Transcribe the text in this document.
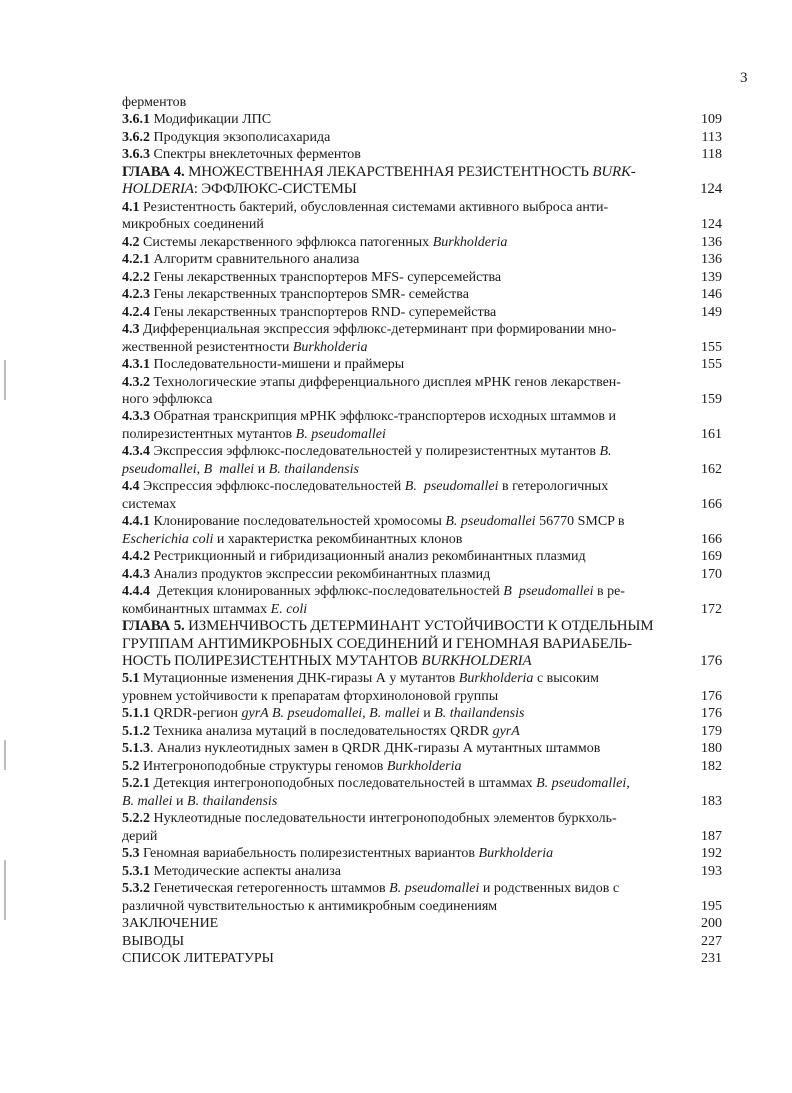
3
ферментов
3.6.1 Модификации ЛПС	109
3.6.2 Продукция экзополисахарида	113
3.6.3 Спектры внеклеточных ферментов	118
ГЛАВА 4. МНОЖЕСТВЕННАЯ ЛЕКАРСТВЕННАЯ РЕЗИСТЕНТНОСТЬ BURK-
HOLDERIA: ЭФФЛЮКС-СИСТЕМЫ	124
4.1 Резистентность бактерий, обусловленная системами активного выброса анти-
микробных соединений	124
4.2 Системы лекарственного эффлюкса патогенных Burkholderia	136
4.2.1 Алгоритм сравнительного анализа	136
4.2.2 Гены лекарственных транспортеров MFS- суперсемейства	139
4.2.3 Гены лекарственных транспортеров SMR- семейства	146
4.2.4 Гены лекарственных транспортеров RND- суперемейства	149
4.3 Дифференциальная экспрессия эффлюкс-детерминант при формировании мно-
жественной резистентности Burkholderia	155
4.3.1 Последовательности-мишени и праймеры	155
4.3.2 Технологические этапы дифференциального дисплея мРНК генов лекарствен-
ного эффлюкса	159
4.3.3 Обратная транскрипция мРНК эффлюкс-транспортеров исходных штаммов и
полирезистентных мутантов B. pseudomallei	161
4.3.4 Экспрессия эффлюкс-последовательностей у полирезистентных мутантов B.
pseudomallei, B  mallei и B. thailandensis	162
4.4 Экспрессия эффлюкс-последовательностей B.  pseudomallei в гетерологичных
системах	166
4.4.1 Клонирование последовательностей хромосомы B. pseudomallei 56770 SMCP в
Escherichia coli и характеристка рекомбинантных клонов	166
4.4.2 Рестрикционный и гибридизационный анализ рекомбинантных плазмид	169
4.4.3 Анализ продуктов экспрессии рекомбинантных плазмид	170
4.4.4  Детекция клонированных эффлюкс-последовательностей B  pseudomallei в ре-
комбинантных штаммах E. coli	172
ГЛАВА 5. ИЗМЕНЧИВОСТЬ ДЕТЕРМИНАНТ УСТОЙЧИВОСТИ К ОТДЕЛЬНЫМ
ГРУППАМ АНТИМИКРОБНЫХ СОЕДИНЕНИЙ И ГЕНОМНАЯ ВАРИАБЕЛЬ-
НОСТЬ ПОЛИРЕЗИСТЕНТНЫХ МУТАНТОВ BURKHOLDERIA	176
5.1 Мутационные изменения ДНК-гиразы А у мутантов Burkholderia с высоким
уровнем устойчивости к препаратам фторхинолоновой группы	176
5.1.1 QRDR-регион gyrA B. pseudomallei, B. mallei и B. thailandensis	176
5.1.2 Техника анализа мутаций в последовательностях QRDR gyrA	179
5.1.3. Анализ нуклеотидных замен в QRDR ДНК-гиразы А мутантных штаммов	180
5.2 Интегроноподобные структуры геномов Burkholderia	182
5.2.1 Детекция интегроноподобных последовательностей в штаммах B. pseudomallei,
B. mallei и B. thailandensis	183
5.2.2 Нуклеотидные последовательности интегроноподобных элементов буркхоль-
дерий	187
5.3 Геномная вариабельность полирезистентных вариантов Burkholderia	192
5.3.1 Методические аспекты анализа	193
5.3.2 Генетическая гетерогенность штаммов B. pseudomallei и родственных видов с
различной чувствительностью к антимикробным соединениям	195
ЗАКЛЮЧЕНИЕ	200
ВЫВОДЫ	227
СПИСОК ЛИТЕРАТУРЫ	231
